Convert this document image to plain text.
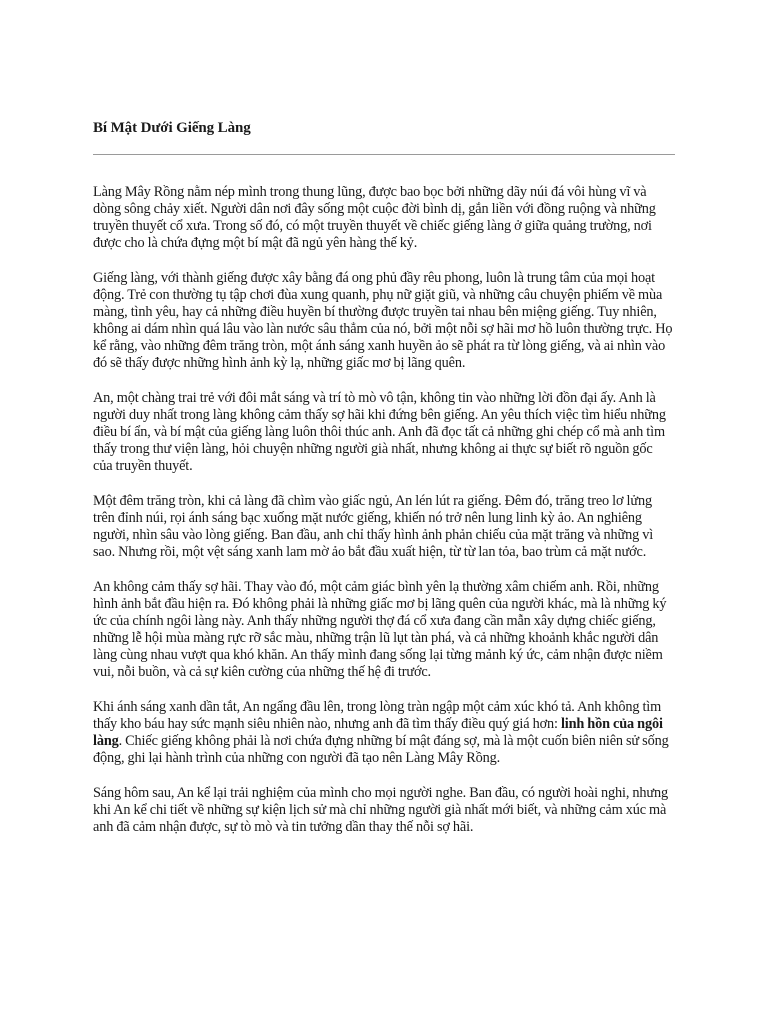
Bí Mật Dưới Giếng Làng

Làng Mây Rồng nằm nép mình trong thung lũng, được bao bọc bởi những dãy núi đá vôi hùng vĩ và dòng sông chảy xiết. Người dân nơi đây sống một cuộc đời bình dị, gắn liền với đồng ruộng và những truyền thuyết cổ xưa. Trong số đó, có một truyền thuyết về chiếc giếng làng ở giữa quảng trường, nơi được cho là chứa đựng một bí mật đã ngủ yên hàng thế kỷ.

Giếng làng, với thành giếng được xây bằng đá ong phủ đầy rêu phong, luôn là trung tâm của mọi hoạt động. Trẻ con thường tụ tập chơi đùa xung quanh, phụ nữ giặt giũ, và những câu chuyện phiếm về mùa màng, tình yêu, hay cả những điều huyền bí thường được truyền tai nhau bên miệng giếng. Tuy nhiên, không ai dám nhìn quá lâu vào làn nước sâu thẳm của nó, bởi một nỗi sợ hãi mơ hồ luôn thường trực. Họ kể rằng, vào những đêm trăng tròn, một ánh sáng xanh huyền ảo sẽ phát ra từ lòng giếng, và ai nhìn vào đó sẽ thấy được những hình ảnh kỳ lạ, những giấc mơ bị lãng quên.

An, một chàng trai trẻ với đôi mắt sáng và trí tò mò vô tận, không tin vào những lời đồn đại ấy. Anh là người duy nhất trong làng không cảm thấy sợ hãi khi đứng bên giếng. An yêu thích việc tìm hiểu những điều bí ẩn, và bí mật của giếng làng luôn thôi thúc anh. Anh đã đọc tất cả những ghi chép cổ mà anh tìm thấy trong thư viện làng, hỏi chuyện những người già nhất, nhưng không ai thực sự biết rõ nguồn gốc của truyền thuyết.

Một đêm trăng tròn, khi cả làng đã chìm vào giấc ngủ, An lén lút ra giếng. Đêm đó, trăng treo lơ lửng trên đỉnh núi, rọi ánh sáng bạc xuống mặt nước giếng, khiến nó trở nên lung linh kỳ ảo. An nghiêng người, nhìn sâu vào lòng giếng. Ban đầu, anh chỉ thấy hình ảnh phản chiếu của mặt trăng và những vì sao. Nhưng rồi, một vệt sáng xanh lam mờ ảo bắt đầu xuất hiện, từ từ lan tỏa, bao trùm cả mặt nước.

An không cảm thấy sợ hãi. Thay vào đó, một cảm giác bình yên lạ thường xâm chiếm anh. Rồi, những hình ảnh bắt đầu hiện ra. Đó không phải là những giấc mơ bị lãng quên của người khác, mà là những ký ức của chính ngôi làng này. Anh thấy những người thợ đá cổ xưa đang cần mẫn xây dựng chiếc giếng, những lễ hội mùa màng rực rỡ sắc màu, những trận lũ lụt tàn phá, và cả những khoảnh khắc người dân làng cùng nhau vượt qua khó khăn. An thấy mình đang sống lại từng mảnh ký ức, cảm nhận được niềm vui, nỗi buồn, và cả sự kiên cường của những thế hệ đi trước.

Khi ánh sáng xanh dần tắt, An ngẩng đầu lên, trong lòng tràn ngập một cảm xúc khó tả. Anh không tìm thấy kho báu hay sức mạnh siêu nhiên nào, nhưng anh đã tìm thấy điều quý giá hơn: linh hồn của ngôi làng. Chiếc giếng không phải là nơi chứa đựng những bí mật đáng sợ, mà là một cuốn biên niên sử sống động, ghi lại hành trình của những con người đã tạo nên Làng Mây Rồng.

Sáng hôm sau, An kể lại trải nghiệm của mình cho mọi người nghe. Ban đầu, có người hoài nghi, nhưng khi An kể chi tiết về những sự kiện lịch sử mà chỉ những người già nhất mới biết, và những cảm xúc mà anh đã cảm nhận được, sự tò mò và tin tưởng dần thay thế nỗi sợ hãi.
